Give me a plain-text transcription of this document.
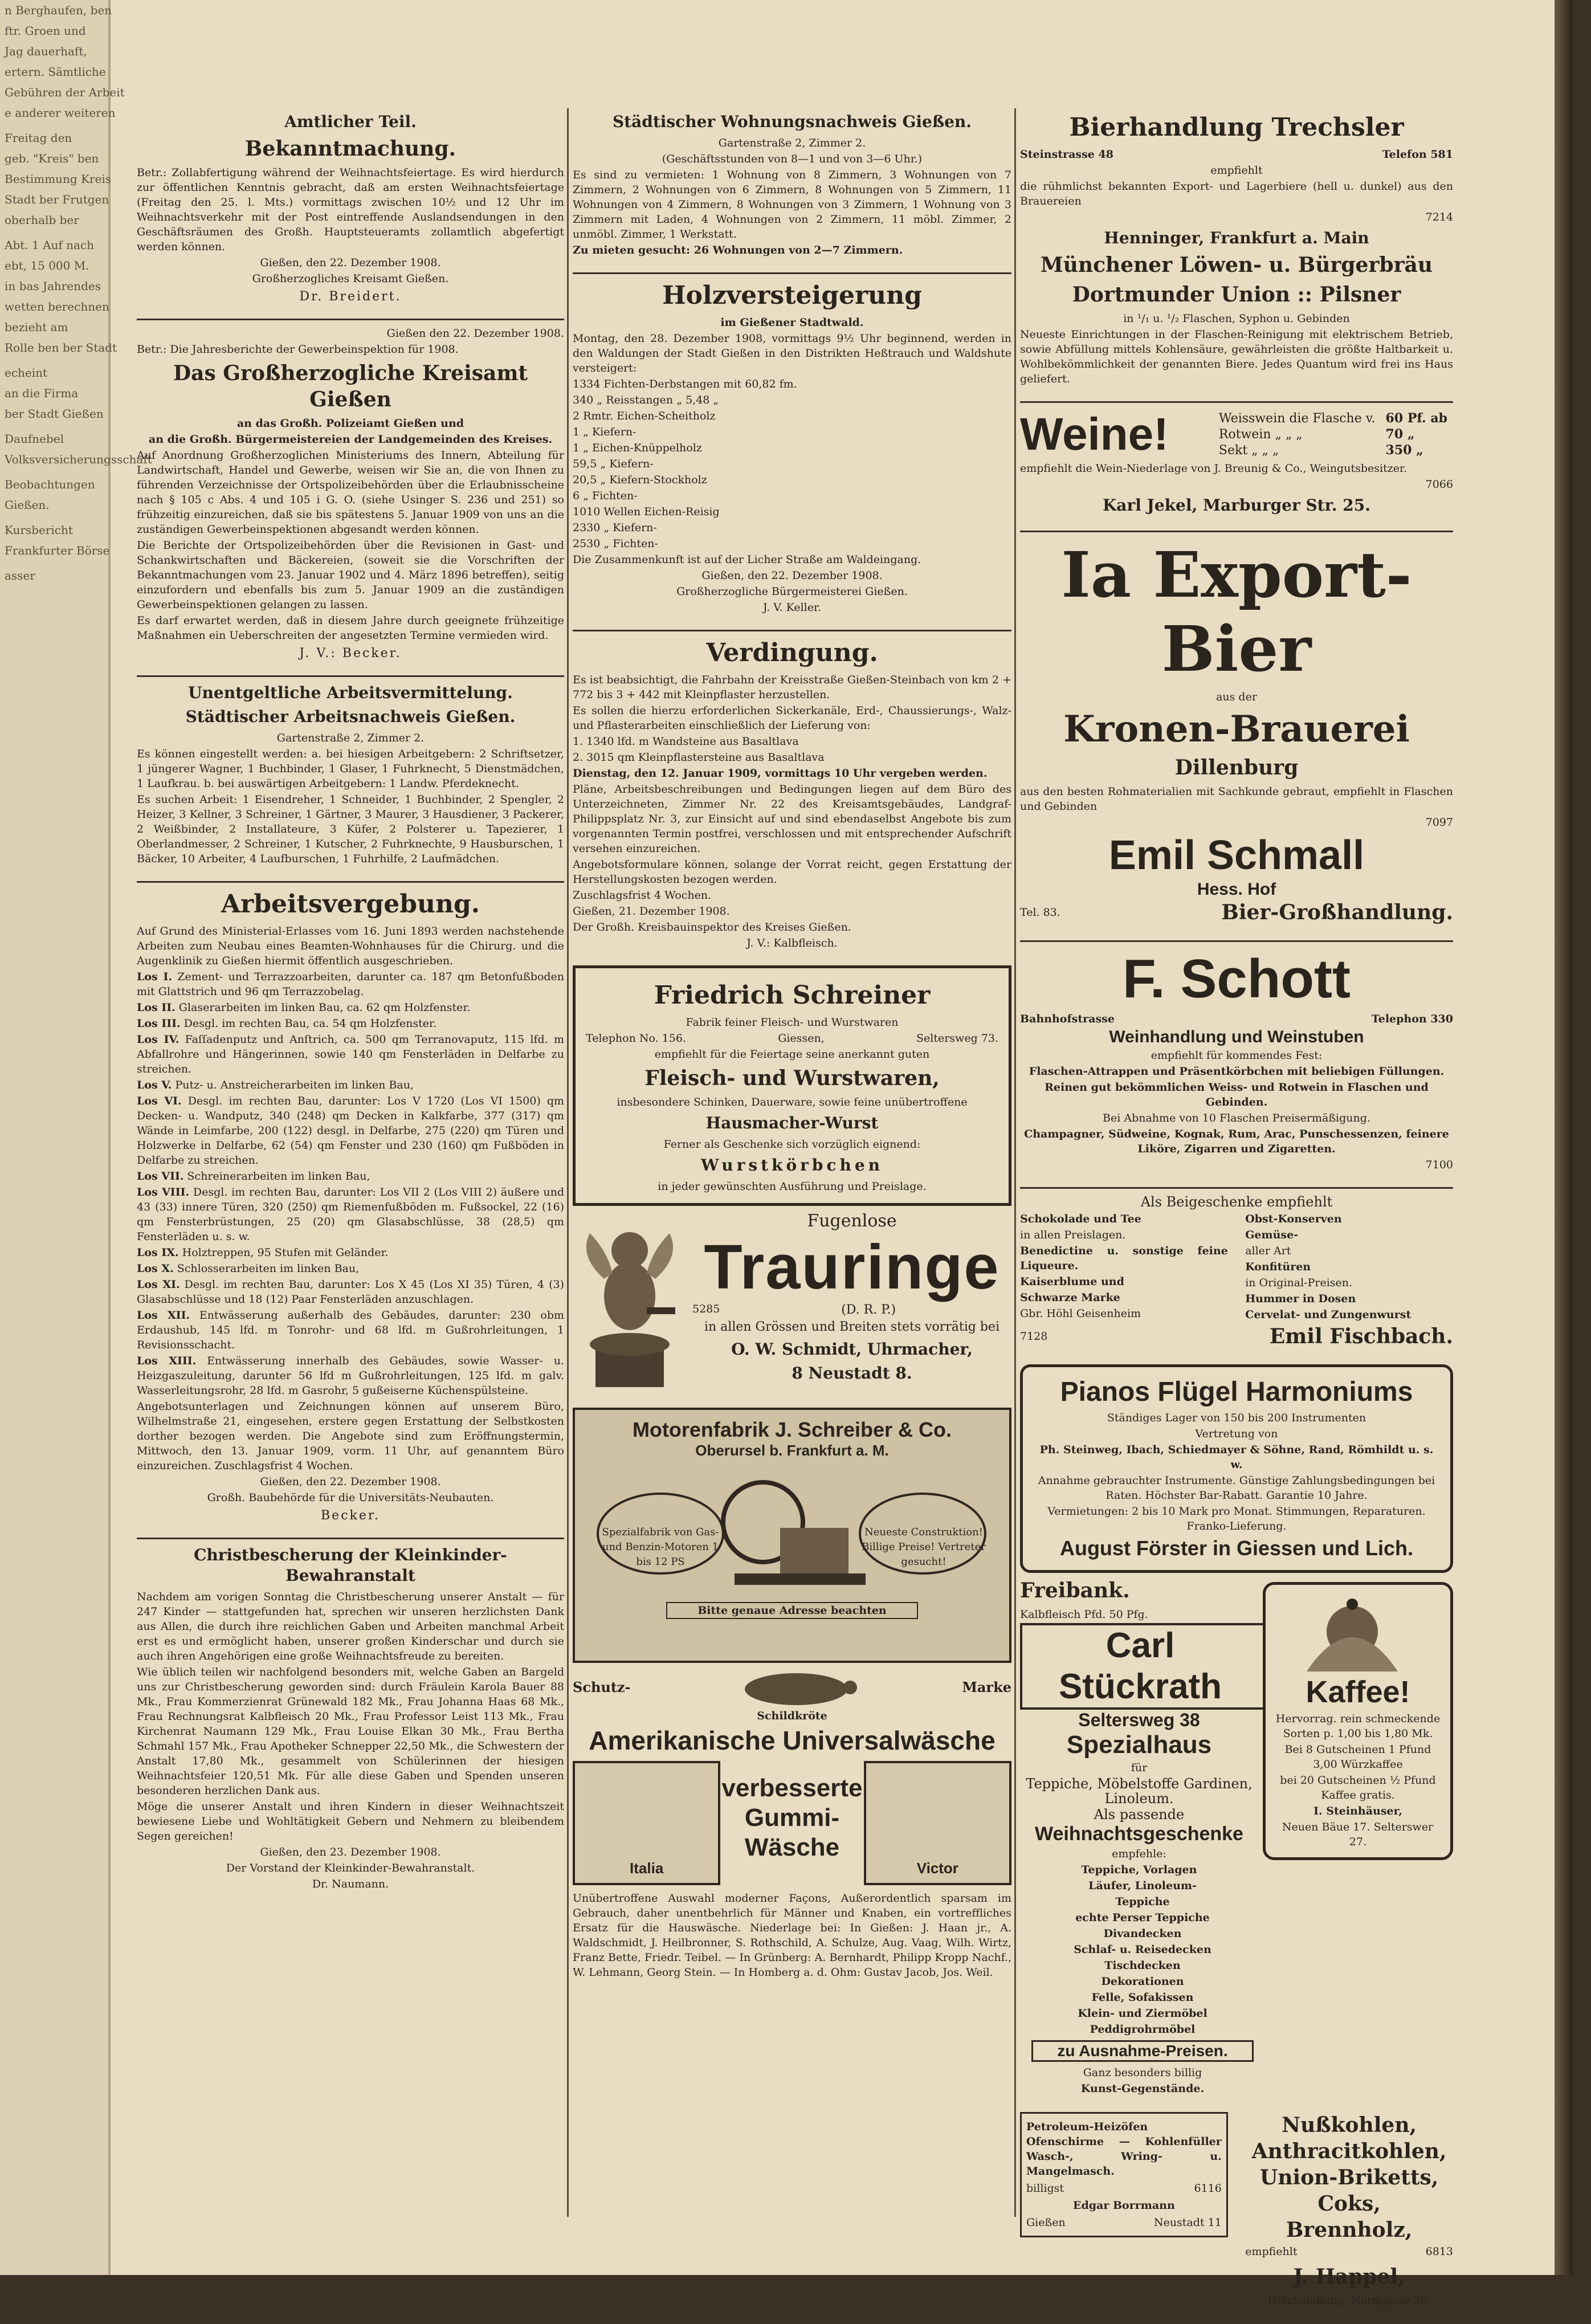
n Berghaufen, ben

ftr. Groen und

Jag dauerhaft,

ertern. Sämtliche

Gebühren der Arbeit

e anderer weiteren

Freitag den

geb. "Kreis" ben

Bestimmung Kreis

Stadt ber Frutgen

oberhalb ber

Abt. 1 Auf nach

ebt, 15 000 M.

in bas Jahrendes

wetten berechnen

bezieht am

Rolle ben ber Stadt

echeint

an die Firma

ber Stadt Gießen

Daufnebel

Volksversicherungsschaft

Beobachtungen

Gießen.

Kursbericht

Frankfurter Börse

asser

Amtlicher Teil.
Bekanntmachung.

Betr.: Zollabfertigung während der Weihnachtsfeiertage. Es wird hierdurch zur öffentlichen Kenntnis gebracht, daß am ersten Weihnachtsfeiertage (Freitag den 25. l. Mts.) vormittags zwischen 10½ und 12 Uhr im Weihnachtsverkehr mit der Post eintreffende Auslandsendungen in den Geschäftsräumen des Großh. Hauptsteueramts zollamtlich abgefertigt werden können.

Gießen, den 22. Dezember 1908.

Großherzogliches Kreisamt Gießen.

Dr. Breidert.

Gießen den 22. Dezember 1908.

Betr.: Die Jahresberichte der Gewerbeinspektion für 1908.

Das Großherzogliche Kreisamt Gießen

an das Großh. Polizeiamt Gießen und

an die Großh. Bürgermeistereien der Landgemeinden des Kreises.

Auf Anordnung Großherzoglichen Ministeriums des Innern, Abteilung für Landwirtschaft, Handel und Gewerbe, weisen wir Sie an, die von Ihnen zu führenden Verzeichnisse der Ortspolizeibehörden über die Erlaubnisscheine nach § 105 c Abs. 4 und 105 i G. O. (siehe Usinger S. 236 und 251) so frühzeitig einzureichen, daß sie bis spätestens 5. Januar 1909 von uns an die zuständigen Gewerbeinspektionen abgesandt werden können.

Die Berichte der Ortspolizeibehörden über die Revisionen in Gast- und Schankwirtschaften und Bäckereien, (soweit sie die Vorschriften der Bekanntmachungen vom 23. Januar 1902 und 4. März 1896 betreffen), seitig einzufordern und ebenfalls bis zum 5. Januar 1909 an die zuständigen Gewerbeinspektionen gelangen zu lassen.

Es darf erwartet werden, daß in diesem Jahre durch geeignete frühzeitige Maßnahmen ein Ueberschreiten der angesetzten Termine vermieden wird.

J. V.: Becker.

Unentgeltliche Arbeitsvermittelung.
Städtischer Arbeitsnachweis Gießen.

Gartenstraße 2, Zimmer 2.

Es können eingestellt werden: a. bei hiesigen Arbeitgebern: 2 Schriftsetzer, 1 jüngerer Wagner, 1 Buchbinder, 1 Glaser, 1 Fuhrknecht, 5 Dienstmädchen, 1 Laufkrau. b. bei auswärtigen Arbeitgebern: 1 Landw. Pferdeknecht.

Es suchen Arbeit: 1 Eisendreher, 1 Schneider, 1 Buchbinder, 2 Spengler, 2 Heizer, 3 Kellner, 3 Schreiner, 1 Gärtner, 3 Maurer, 3 Hausdiener, 3 Packerer, 2 Weißbinder, 2 Installateure, 3 Küfer, 2 Polsterer u. Tapezierer, 1 Oberlandmesser, 2 Schreiner, 1 Kutscher, 2 Fuhrknechte, 9 Hausburschen, 1 Bäcker, 10 Arbeiter, 4 Laufburschen, 1 Fuhrhilfe, 2 Laufmädchen.

Arbeitsvergebung.

Auf Grund des Ministerial-Erlasses vom 16. Juni 1893 werden nachstehende Arbeiten zum Neubau eines Beamten-Wohnhauses für die Chirurg. und die Augenklinik zu Gießen hiermit öffentlich ausgeschrieben.

Los I. Zement- und Terrazzoarbeiten, darunter ca. 187 qm Betonfußboden mit Glattstrich und 96 qm Terrazzobelag.

Los II. Glaserarbeiten im linken Bau, ca. 62 qm Holzfenster.

Los III. Desgl. im rechten Bau, ca. 54 qm Holzfenster.

Los IV. Faſſadenputz und Anſtrich, ca. 500 qm Terranovaputz, 115 lfd. m Abfallrohre und Hängerinnen, sowie 140 qm Fensterläden in Delfarbe zu streichen.

Los V. Putz- u. Anstreicherarbeiten im linken Bau,

Los VI. Desgl. im rechten Bau, darunter: Los V 1720 (Los VI 1500) qm Decken- u. Wandputz, 340 (248) qm Decken in Kalkfarbe, 377 (317) qm Wände in Leimfarbe, 200 (122) desgl. in Delfarbe, 275 (220) qm Türen und Holzwerke in Delfarbe, 62 (54) qm Fenster und 230 (160) qm Fußböden in Delfarbe zu streichen.

Los VII. Schreinerarbeiten im linken Bau,

Los VIII. Desgl. im rechten Bau, darunter: Los VII 2 (Los VIII 2) äußere und 43 (33) innere Türen, 320 (250) qm Riemenfußböden m. Fußsockel, 22 (16) qm Fensterbrüstungen, 25 (20) qm Glasabschlüsse, 38 (28,5) qm Fensterläden u. s. w.

Los IX. Holztreppen, 95 Stufen mit Geländer.

Los X. Schlosserarbeiten im linken Bau,

Los XI. Desgl. im rechten Bau, darunter: Los X 45 (Los XI 35) Türen, 4 (3) Glasabschlüsse und 18 (12) Paar Fensterläden anzuschlagen.

Los XII. Entwässerung außerhalb des Gebäudes, darunter: 230 obm Erdaushub, 145 lfd. m Tonrohr- und 68 lfd. m Gußrohrleitungen, 1 Revisionsschacht.

Los XIII. Entwässerung innerhalb des Gebäudes, sowie Wasser- u. Heizgaszuleitung, darunter 56 lfd m Gußrohrleitungen, 125 lfd. m galv. Wasserleitungsrohr, 28 lfd. m Gasrohr, 5 gußeiserne Küchenspülsteine.

Angebotsunterlagen und Zeichnungen können auf unserem Büro, Wilhelmstraße 21, eingesehen, erstere gegen Erstattung der Selbstkosten dorther bezogen werden. Die Angebote sind zum Eröffnungstermin, Mittwoch, den 13. Januar 1909, vorm. 11 Uhr, auf genanntem Büro einzureichen. Zuschlagsfrist 4 Wochen.

Gießen, den 22. Dezember 1908.

Großh. Baubehörde für die Universitäts-Neubauten.

Becker.

Christbescherung der Kleinkinder-Bewahranstalt

Nachdem am vorigen Sonntag die Christbescherung unserer Anstalt — für 247 Kinder — stattgefunden hat, sprechen wir unseren herzlichsten Dank aus Allen, die durch ihre reichlichen Gaben und Arbeiten manchmal Arbeit erst es und ermöglicht haben, unserer großen Kinderschar und durch sie auch ihren Angehörigen eine große Weihnachtsfreude zu bereiten.

Wie üblich teilen wir nachfolgend besonders mit, welche Gaben an Bargeld uns zur Christbescherung geworden sind: durch Fräulein Karola Bauer 88 Mk., Frau Kommerzienrat Grünewald 182 Mk., Frau Johanna Haas 68 Mk., Frau Rechnungsrat Kalbfleisch 20 Mk., Frau Professor Leist 113 Mk., Frau Kirchenrat Naumann 129 Mk., Frau Louise Elkan 30 Mk., Frau Bertha Schmahl 157 Mk., Frau Apotheker Schnepper 22,50 Mk., die Schwestern der Anstalt 17,80 Mk., gesammelt von Schülerinnen der hiesigen Weihnachtsfeier 120,51 Mk. Für alle diese Gaben und Spenden unseren besonderen herzlichen Dank aus.

Möge die unserer Anstalt und ihren Kindern in dieser Weihnachtszeit bewiesene Liebe und Wohltätigkeit Gebern und Nehmern zu bleibendem Segen gereichen!

Gießen, den 23. Dezember 1908.

Der Vorstand der Kleinkinder-Bewahranstalt.

Dr. Naumann.

Städtischer Wohnungsnachweis Gießen.

Gartenstraße 2, Zimmer 2.

(Geschäftsstunden von 8—1 und von 3—6 Uhr.)

Es sind zu vermieten: 1 Wohnung von 8 Zimmern, 3 Wohnungen von 7 Zimmern, 2 Wohnungen von 6 Zimmern, 8 Wohnungen von 5 Zimmern, 11 Wohnungen von 4 Zimmern, 8 Wohnungen von 3 Zimmern, 1 Wohnung von 3 Zimmern mit Laden, 4 Wohnungen von 2 Zimmern, 11 möbl. Zimmer, 2 unmöbl. Zimmer, 1 Werkstatt.

Zu mieten gesucht: 26 Wohnungen von 2—7 Zimmern.

Holzversteigerung

im Gießener Stadtwald.

Montag, den 28. Dezember 1908, vormittags 9½ Uhr beginnend, werden in den Waldungen der Stadt Gießen in den Distrikten Heßtrauch und Waldshute versteigert:

1334 Fichten-Derbstangen mit 60,82 fm.

340 „ Reisstangen „ 5,48 „

2 Rmtr. Eichen-Scheitholz

1 „ Kiefern-

1 „ Eichen-Knüppelholz

59,5 „ Kiefern-

20,5 „ Kiefern-Stockholz

6 „ Fichten-

1010 Wellen Eichen-Reisig

2330 „ Kiefern-

2530 „ Fichten-

Die Zusammenkunft ist auf der Licher Straße am Waldeingang.

Gießen, den 22. Dezember 1908.

Großherzogliche Bürgermeisterei Gießen.

J. V. Keller.

Verdingung.

Es ist beabsichtigt, die Fahrbahn der Kreisstraße Gießen-Steinbach von km 2 + 772 bis 3 + 442 mit Kleinpflaster herzustellen.

Es sollen die hierzu erforderlichen Sickerkanäle, Erd-, Chaussierungs-, Walz- und Pflasterarbeiten einschließlich der Lieferung von:

1. 1340 lfd. m Wandsteine aus Basaltlava

2. 3015 qm Kleinpflastersteine aus Basaltlava

Dienstag, den 12. Januar 1909, vormittags 10 Uhr vergeben werden.

Pläne, Arbeitsbeschreibungen und Bedingungen liegen auf dem Büro des Unterzeichneten, Zimmer Nr. 22 des Kreisamtsgebäudes, Landgraf-Philippsplatz Nr. 3, zur Einsicht auf und sind ebendaselbst Angebote bis zum vorgenannten Termin postfrei, verschlossen und mit entsprechender Aufschrift versehen einzureichen.

Angebotsformulare können, solange der Vorrat reicht, gegen Erstattung der Herstellungskosten bezogen werden.

Zuschlagsfrist 4 Wochen.

Gießen, 21. Dezember 1908.

Der Großh. Kreisbauinspektor des Kreises Gießen.

J. V.: Kalbfleisch.

Friedrich Schreiner

Fabrik feiner Fleisch- und Wurstwaren

Telephon No. 156.	Giessen,	Seltersweg 73.

empfiehlt für die Feiertage seine anerkannt guten

Fleisch- und Wurstwaren,

insbesondere Schinken, Dauerware, sowie feine unübertroffene

Hausmacher-Wurst

Ferner als Geschenke sich vorzüglich eignend:

Wurstkörbchen

in jeder gewünschten Ausführung und Preislage.

Fugenlose

Trauringe

5285	(D. R. P.)

in allen Grössen und Breiten stets vorrätig bei

O. W. Schmidt, Uhrmacher,
8 Neustadt 8.
Motorenfabrik J. Schreiber & Co.
Oberursel b. Frankfurt a. M.

Spezialfabrik von Gas- und Benzin-Motoren 1 bis 12 PS

Neueste Construktion! Billige Preise! Vertreter gesucht!

Bitte genaue Adresse beachten

Schutz-	Marke

Schildkröte

Amerikanische Universalwäsche
Italia
verbesserte Gummi-Wäsche
Victor

Unübertroffene Auswahl moderner Façons, Außerordentlich sparsam im Gebrauch, daher unentbehrlich für Männer und Knaben, ein vortreffliches Ersatz für die Hauswäsche. Niederlage bei: In Gießen: J. Haan jr., A. Waldschmidt, J. Heilbronner, S. Rothschild, A. Schulze, Aug. Vaag, Wilh. Wirtz, Franz Bette, Friedr. Teibel. — In Grünberg: A. Bernhardt, Philipp Kropp Nachf., W. Lehmann, Georg Stein. — In Homberg a. d. Ohm: Gustav Jacob, Jos. Weil.

Bierhandlung Trechsler
Steinstrasse 48	Telefon 581

empfiehlt

die rühmlichst bekannten Export- und Lagerbiere (hell u. dunkel) aus den Brauereien

7214

Henninger, Frankfurt a. Main
Münchener Löwen- u. Bürgerbräu
Dortmunder Union :: Pilsner

in ¹/₁ u. ¹/₂ Flaschen, Syphon u. Gebinden

Neueste Einrichtungen in der Flaschen-Reinigung mit elektrischem Betrieb, sowie Abfüllung mittels Kohlensäure, gewährleisten die größte Haltbarkeit u. Wohlbekömmlichkeit der genannten Biere. Jedes Quantum wird frei ins Haus geliefert.

Weine!	Weisswein die Flasche v.	60 Pf. ab
Rotwein „ „ „	70 „
Sekt „ „ „	350 „

empfiehlt die Wein-Niederlage von J. Breunig & Co., Weingutsbesitzer.

7066

Karl Jekel, Marburger Str. 25.
Ia Export-Bier

aus der

Kronen-Brauerei
Dillenburg

aus den besten Rohmaterialien mit Sachkunde gebraut, empfiehlt in Flaschen und Gebinden

7097

Emil Schmall
Hess. Hof
Tel. 83.	Bier-Großhandlung.
F. Schott
Bahnhofstrasse	Telephon 330
Weinhandlung und Weinstuben

empfiehlt für kommendes Fest:

Flaschen-Attrappen und Präsentkörbchen mit beliebigen Füllungen.

Reinen gut bekömmlichen Weiss- und Rotwein in Flaschen und Gebinden.

Bei Abnahme von 10 Flaschen Preisermäßigung.

Champagner, Südweine, Kognak, Rum, Arac, Punschessenzen, feinere Liköre, Zigarren und Zigaretten.

7100

Als Beigeschenke empfiehlt

Schokolade und Tee

in allen Preislagen.

Benedictine u. sonstige feine Liqueure.

Kaiserblume und

Schwarze Marke

Gbr. Höhl Geisenheim

Obst-Konserven

Gemüse-

aller Art

Konfitüren

in Original-Preisen.

Hummer in Dosen

Cervelat- und Zungenwurst

7128	Emil Fischbach.
Pianos Flügel Harmoniums

Ständiges Lager von 150 bis 200 Instrumenten

Vertretung von

Ph. Steinweg, Ibach, Schiedmayer & Söhne, Rand, Römhildt u. s. w.

Annahme gebrauchter Instrumente. Günstige Zahlungsbedingungen bei Raten. Höchster Bar-Rabatt. Garantie 10 Jahre.

Vermietungen: 2 bis 10 Mark pro Monat. Stimmungen, Reparaturen. Franko-Lieferung.

August Förster in Giessen und Lich.
Kaffee!

Hervorrag. rein schmeckende Sorten p. 1,00 bis 1,80 Mk.

Bei 8 Gutscheinen 1 Pfund 3,00 Würzkaffee

bei 20 Gutscheinen ½ Pfund Kaffee gratis.

I. Steinhäuser,

Neuen Bäue 17. Selterswег 27.

Freibank.

Kalbfleisch Pfd. 50 Pfg.

Carl Stückrath
Seltersweg 38
Spezialhaus

für

Teppiche, Möbelstoffe Gardinen, Linoleum.

Als passende

Weihnachtsgeschenke

empfehle:

Teppiche, Vorlagen

Läufer, Linoleum-

Teppiche

echte Perser Teppiche

Divandecken

Schlaf- u. Reisedecken

Tischdecken

Dekorationen

Felle, Sofakissen

Klein- und Ziermöbel

Peddigrohrmöbel

zu Ausnahme-Preisen.

Ganz besonders billig

Kunst-Gegenstände.

Petroleum-Heizöfen Ofenschirme — Kohlenfüller Wasch-, Wring- u. Mangelmasch.

billigst	6116

Edgar Borrmann

Gießen	Neustadt 11
Nußkohlen,
Anthracitkohlen,
Union-Briketts,
Coks,
Brennholz,
empfiehlt	6813
J. Happel,

Holzhandlung, Nordgasse 30.
